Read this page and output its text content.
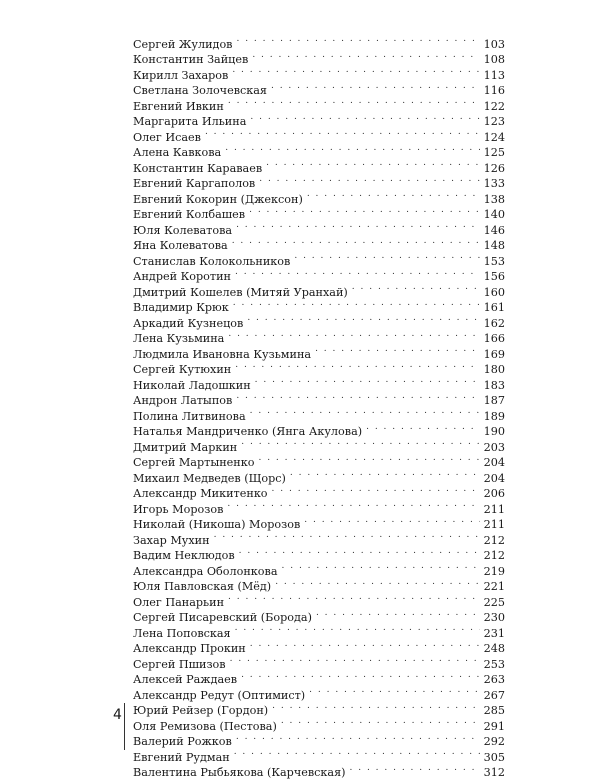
Сергей Жулидов . . .	103
Константин Зайцев . . .	108
Кирилл Захаров . . .	113
Светлана Золочевская . . .	116
Евгений Ивкин . . .	122
Маргарита Ильина . . .	123
Олег Исаев . . .	124
Алена Кавкова . . .	125
Константин Караваев . . .	126
Евгений Каргаполов . . .	133
Евгений Кокорин (Джексон) . . .	138
Евгений Колбашев . . .	140
Юля Колеватова . . .	146
Яна Колеватова . . .	148
Станислав Колокольников . . .	153
Андрей Коротин . . .	156
Дмитрий Кошелев (Митяй Уранхай) . . .	160
Владимир Крюк . . .	161
Аркадий Кузнецов . . .	162
Лена Кузьмина . . .	166
Людмила Ивановна Кузьмина . . .	169
Сергей Кутюхин . . .	180
Николай Ладошкин . . .	183
Андрон Латыпов . . .	187
Полина Литвинова . . .	189
Наталья Мандриченко (Янга Акулова) . . .	190
Дмитрий Маркин . . .	203
Сергей Мартыненко . . .	204
Михаил Медведев (Щорс) . . .	204
Александр Микитенко . . .	206
Игорь Морозов . . .	211
Николай (Никоша) Морозов . . .	211
Захар Мухин . . .	212
Вадим Неклюдов . . .	212
Александра Оболонкова . . .	219
Юля Павловская (Мёд) . . .	221
Олег Панарьин . . .	225
Сергей Писаревский (Борода) . . .	230
Лена Поповская . . .	231
Александр Прокин . . .	248
Сергей Пшизов . . .	253
Алексей Раждаев . . .	263
Александр Редут (Оптимист) . . .	267
Юрий Рейзер (Гордон) . . .	285
Оля Ремизова (Пестова) . . .	291
Валерий Рожков . . .	292
Евгений Рудман . . .	305
Валентина Рыбьякова (Карчевская) . . .	312
4
